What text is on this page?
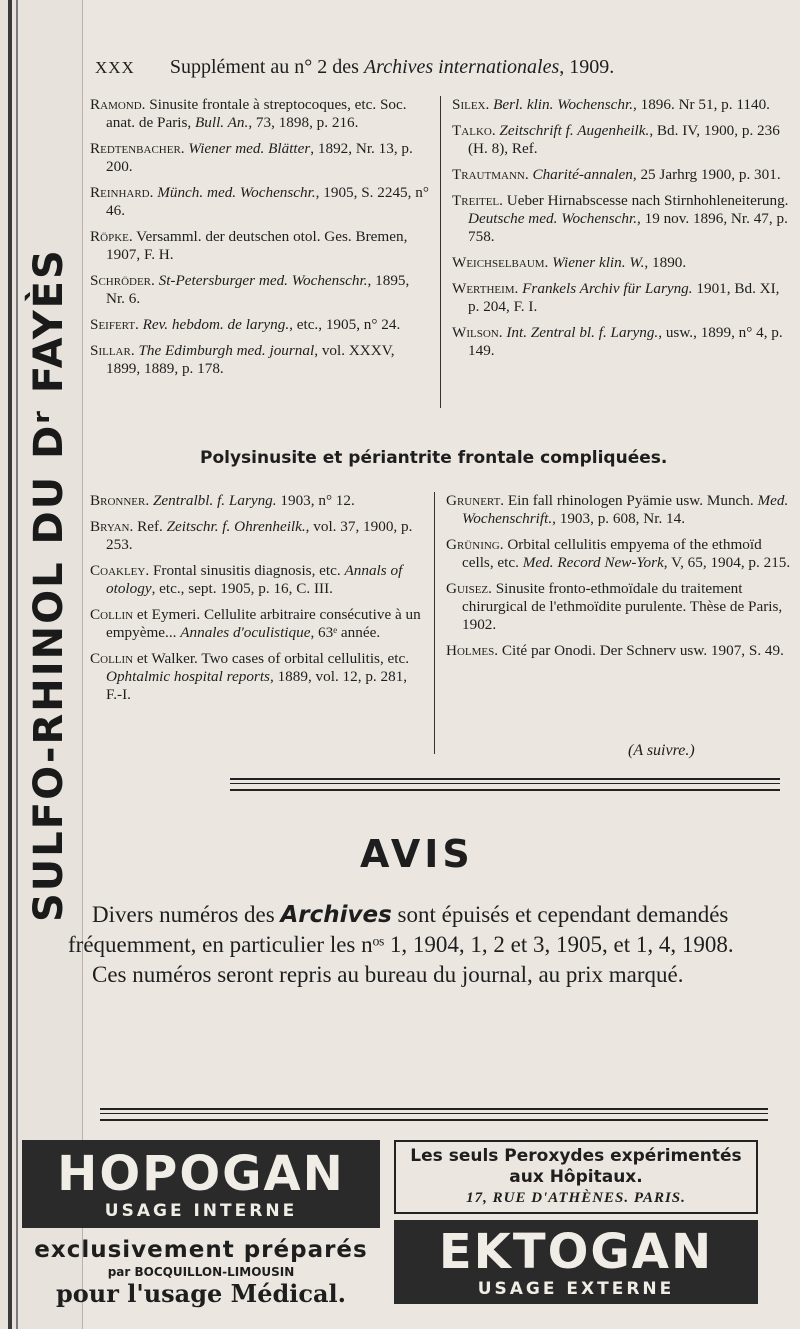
SULFO-RHINOL DU Dʳ FAYÈS
XXX Supplément au n° 2 des Archives internationales, 1909.

Ramond. Sinusite frontale à streptocoques, etc. Soc. anat. de Paris, Bull. An., 73, 1898, p. 216.

Redtenbacher. Wiener med. Blätter, 1892, Nr. 13, p. 200.

Reinhard. Münch. med. Wochenschr., 1905, S. 2245, n° 46.

Röpke. Versamml. der deutschen otol. Ges. Bremen, 1907, F. H.

Schröder. St-Petersburger med. Wochenschr., 1895, Nr. 6.

Seifert. Rev. hebdom. de laryng., etc., 1905, n° 24.

Sillar. The Edimburgh med. journal, vol. XXXV, 1899, 1889, p. 178.

Silex. Berl. klin. Wochenschr., 1896. Nr 51, p. 1140.

Talko. Zeitschrift f. Augenheilk., Bd. IV, 1900, p. 236 (H. 8), Ref.

Trautmann. Charité-annalen, 25 Jarhrg 1900, p. 301.

Treitel. Ueber Hirnabscesse nach Stirnhohleneiterung. Deutsche med. Wochenschr., 19 nov. 1896, Nr. 47, p. 758.

Weichselbaum. Wiener klin. W., 1890.

Wertheim. Frankels Archiv für Laryng. 1901, Bd. XI, p. 204, F. I.

Wilson. Int. Zentral bl. f. Laryng., usw., 1899, n° 4, p. 149.

Polysinusite et périantrite frontale compliquées.

Bronner. Zentralbl. f. Laryng. 1903, n° 12.

Bryan. Ref. Zeitschr. f. Ohrenheilk., vol. 37, 1900, p. 253.

Coakley. Frontal sinusitis diagnosis, etc. Annals of otology, etc., sept. 1905, p. 16, C. III.

Collin et Eymeri. Cellulite arbitraire consécutive à un empyème... Annales d'oculistique, 63ᵉ année.

Collin et Walker. Two cases of orbital cellulitis, etc. Ophtalmic hospital reports, 1889, vol. 12, p. 281, F.-I.

Grunert. Ein fall rhinologen Pyämie usw. Munch. Med. Wochenschrift., 1903, p. 608, Nr. 14.

Grüning. Orbital cellulitis empyema of the ethmoïd cells, etc. Med. Record New-York, V, 65, 1904, p. 215.

Guisez. Sinusite fronto-ethmoïdale du traitement chirurgical de l'ethmoïdite purulente. Thèse de Paris, 1902.

Holmes. Cité par Onodi. Der Schnerv usw. 1907, S. 49.

(A suivre.)
AVIS

Divers numéros des Archives sont épuisés et cependant demandés fréquemment, en particulier les nᵒˢ 1, 1904, 1, 2 et 3, 1905, et 1, 4, 1908.

Ces numéros seront repris au bureau du journal, au prix marqué.

HOPOGAN
USAGE INTERNE
exclusivement préparés
par BOCQUILLON-LIMOUSIN
pour l'usage Médical.
Les seuls Peroxydes expérimentés
aux Hôpitaux.
17, RUE D'ATHÈNES. PARIS.
EKTOGAN
USAGE EXTERNE
